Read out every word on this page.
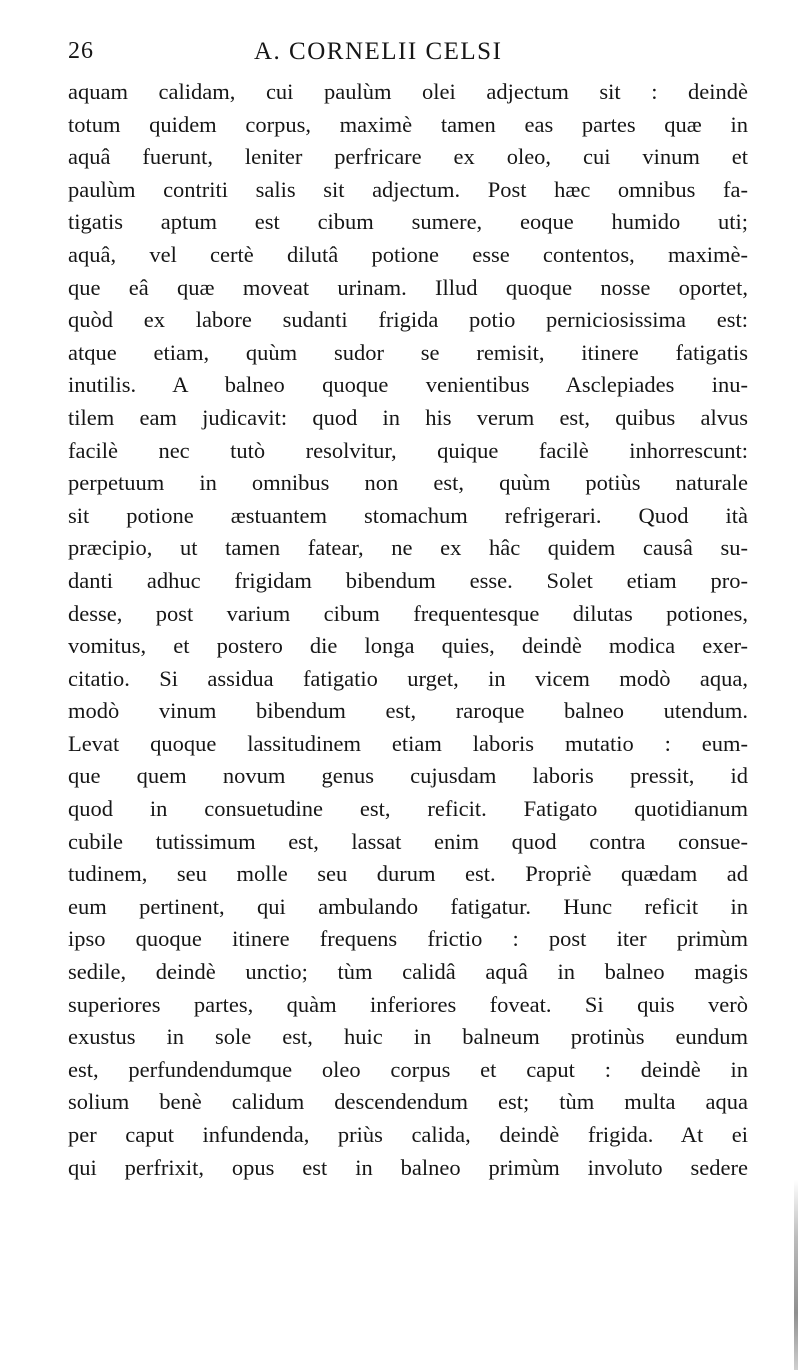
26	A. CORNELII CELSI
aquam calidam, cui paulùm olei adjectum sit : deindè
totum quidem corpus, maximè tamen eas partes quæ in
aquâ fuerunt, leniter perfricare ex oleo, cui vinum et
paulùm contriti salis sit adjectum. Post hæc omnibus fa-
tigatis aptum est cibum sumere, eoque humido uti;
aquâ, vel certè dilutâ potione esse contentos, maximè-
que eâ quæ moveat urinam. Illud quoque nosse oportet,
quòd ex labore sudanti frigida potio perniciosissima est:
atque etiam, quùm sudor se remisit, itinere fatigatis
inutilis. A balneo quoque venientibus Asclepiades inu-
tilem eam judicavit: quod in his verum est, quibus alvus
facilè nec tutò resolvitur, quique facilè inhorrescunt:
perpetuum in omnibus non est, quùm potiùs naturale
sit potione æstuantem stomachum refrigerari. Quod ità
præcipio, ut tamen fatear, ne ex hâc quidem causâ su-
danti adhuc frigidam bibendum esse. Solet etiam pro-
desse, post varium cibum frequentesque dilutas potiones,
vomitus, et postero die longa quies, deindè modica exer-
citatio. Si assidua fatigatio urget, in vicem modò aqua,
modò vinum bibendum est, raroque balneo utendum.
Levat quoque lassitudinem etiam laboris mutatio : eum-
que quem novum genus cujusdam laboris pressit, id
quod in consuetudine est, reficit. Fatigato quotidianum
cubile tutissimum est, lassat enim quod contra consue-
tudinem, seu molle seu durum est. Propriè quædam ad
eum pertinent, qui ambulando fatigatur. Hunc reficit in
ipso quoque itinere frequens frictio : post iter primùm
sedile, deindè unctio; tùm calidâ aquâ in balneo magis
superiores partes, quàm inferiores foveat. Si quis verò
exustus in sole est, huic in balneum protinùs eundum
est, perfundendumque oleo corpus et caput : deindè in
solium benè calidum descendendum est; tùm multa aqua
per caput infundenda, priùs calida, deindè frigida. At ei
qui perfrixit, opus est in balneo primùm involuto sedere
